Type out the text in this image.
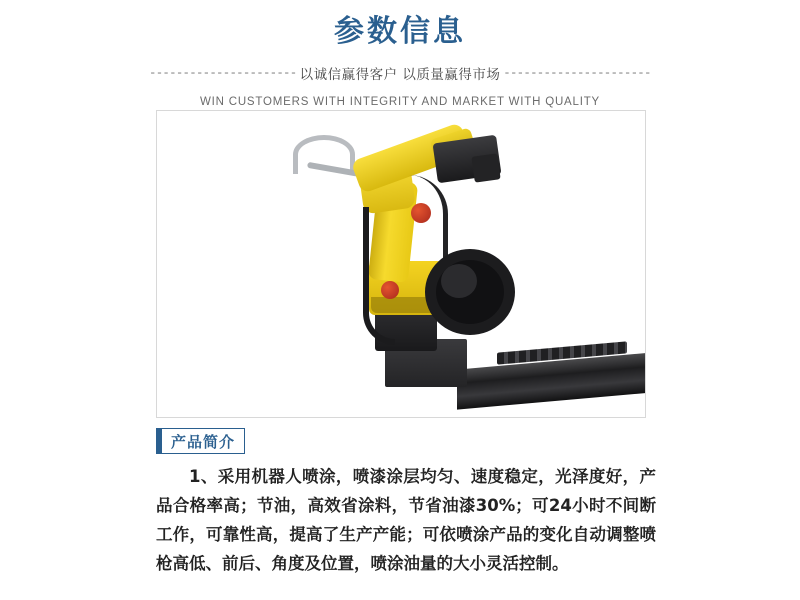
参数信息
---------------------- 以诚信赢得客户 以质量赢得市场 ----------------------
WIN CUSTOMERS WITH INTEGRITY AND MARKET WITH QUALITY
产品简介
1、采用机器人喷涂，喷漆涂层均匀、速度稳定，光泽度好，产品合格率高；节油，高效省涂料，节省油漆30%；可24小时不间断工作，可靠性高，提高了生产产能；可依喷涂产品的变化自动调整喷枪高低、前后、角度及位置，喷涂油量的大小灵活控制。
